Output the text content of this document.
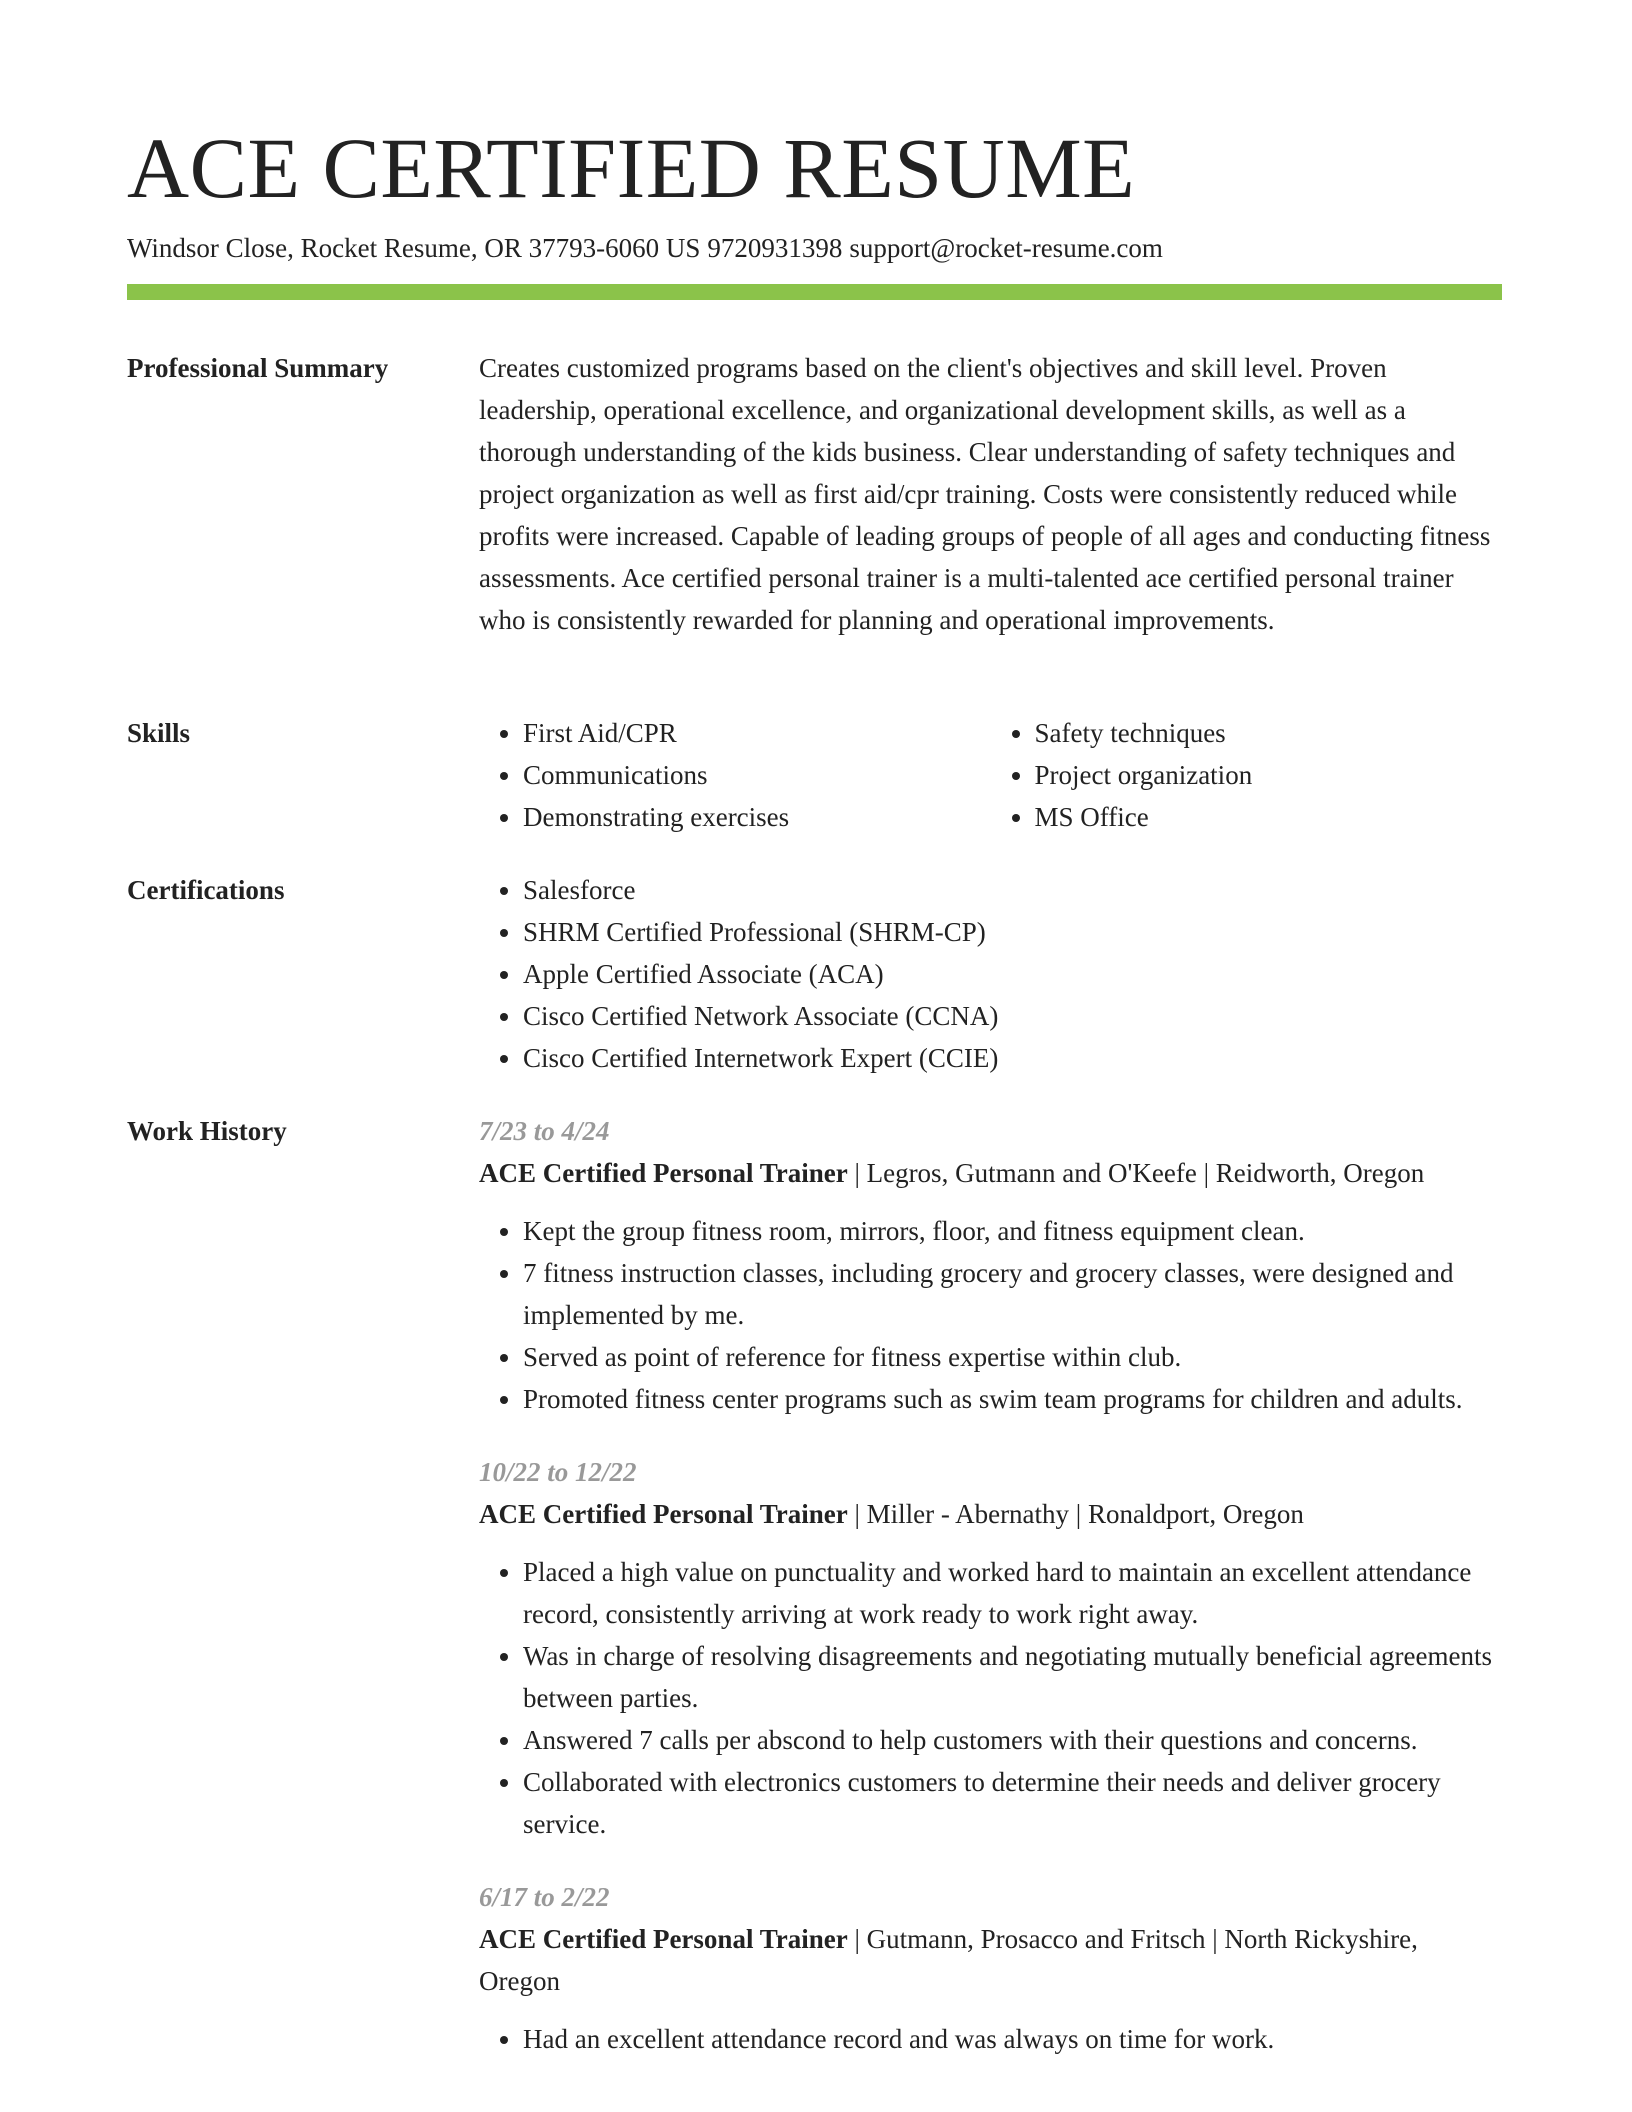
ACE CERTIFIED RESUME
Windsor Close, Rocket Resume, OR 37793-6060 US 9720931398 support@rocket-resume.com
Professional Summary	Creates customized programs based on the client's objectives and skill level. Proven leadership, operational excellence, and organizational development skills, as well as a thorough understanding of the kids business. Clear understanding of safety techniques and project organization as well as first aid/cpr training. Costs were consistently reduced while profits were increased. Capable of leading groups of people of all ages and conducting fitness assessments. Ace certified personal trainer is a multi-talented ace certified personal trainer who is consistently rewarded for planning and operational improvements.
Skills	• First Aid/CPR
• Communications
• Demonstrating exercises
• Safety techniques
• Project organization
• MS Office
Certifications	• Salesforce
• SHRM Certified Professional (SHRM-CP)
• Apple Certified Associate (ACA)
• Cisco Certified Network Associate (CCNA)
• Cisco Certified Internetwork Expert (CCIE)
Work History	7/23 to 4/24
ACE Certified Personal Trainer | Legros, Gutmann and O'Keefe | Reidworth, Oregon
• Kept the group fitness room, mirrors, floor, and fitness equipment clean.
• 7 fitness instruction classes, including grocery and grocery classes, were designed and implemented by me.
• Served as point of reference for fitness expertise within club.
• Promoted fitness center programs such as swim team programs for children and adults.
10/22 to 12/22
ACE Certified Personal Trainer | Miller - Abernathy | Ronaldport, Oregon
• Placed a high value on punctuality and worked hard to maintain an excellent attendance record, consistently arriving at work ready to work right away.
• Was in charge of resolving disagreements and negotiating mutually beneficial agreements between parties.
• Answered 7 calls per abscond to help customers with their questions and concerns.
• Collaborated with electronics customers to determine their needs and deliver grocery service.
6/17 to 2/22
ACE Certified Personal Trainer | Gutmann, Prosacco and Fritsch | North Rickyshire, Oregon
• Had an excellent attendance record and was always on time for work.
